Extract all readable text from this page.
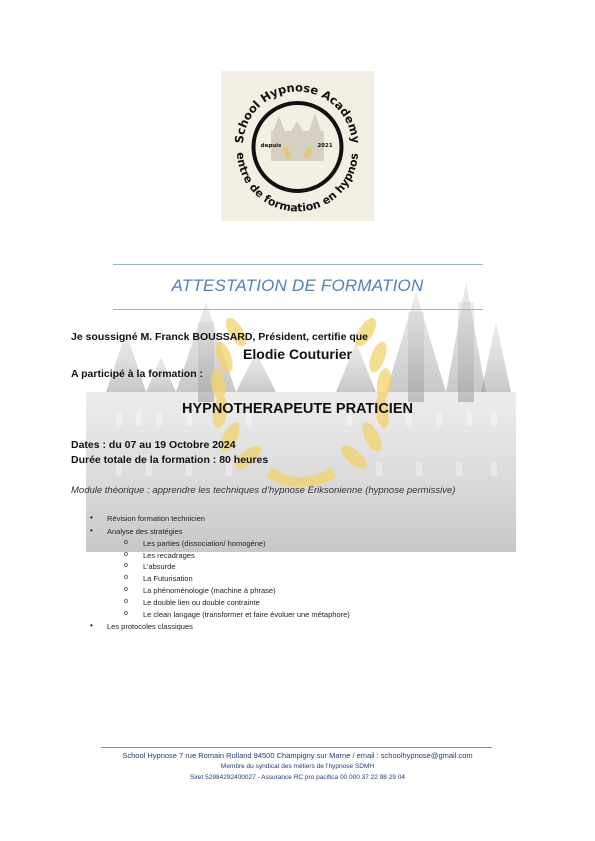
School Hypnose Academy
entre de formation en hypnos
depuis	2021
ATTESTATION DE FORMATION
Je soussigné M. Franck BOUSSARD, Président, certifie que
Elodie Couturier
A participé à la formation :
HYPNOTHERAPEUTE PRATICIEN
Dates : du 07 au 19 Octobre 2024
Durée totale de la formation : 80 heures
Module théorique : apprendre les techniques d’hypnose Eriksonienne (hypnose permissive)
• Révision formation technicien
• Analyse des stratégies
o Les parties (dissociation/ homogène)
o Les recadrages
o L’absurde
o La Futurisation
o La phénoménologie (machine à phrase)
o Le double lien ou double contrainte
o Le clean langage (transformer et faire évoluer une métaphore)
• Les protocoles classiques
School Hypnose 7 rue Romain Rolland 94500 Champigny sur Marne / email : schoolhypnose@gmail.com
Membre du syndicat des métiers de l’hypnose SDMH
Siret 52984292400027 - Assurance RC pro pacifica 00 000 37 22 98 29 04
